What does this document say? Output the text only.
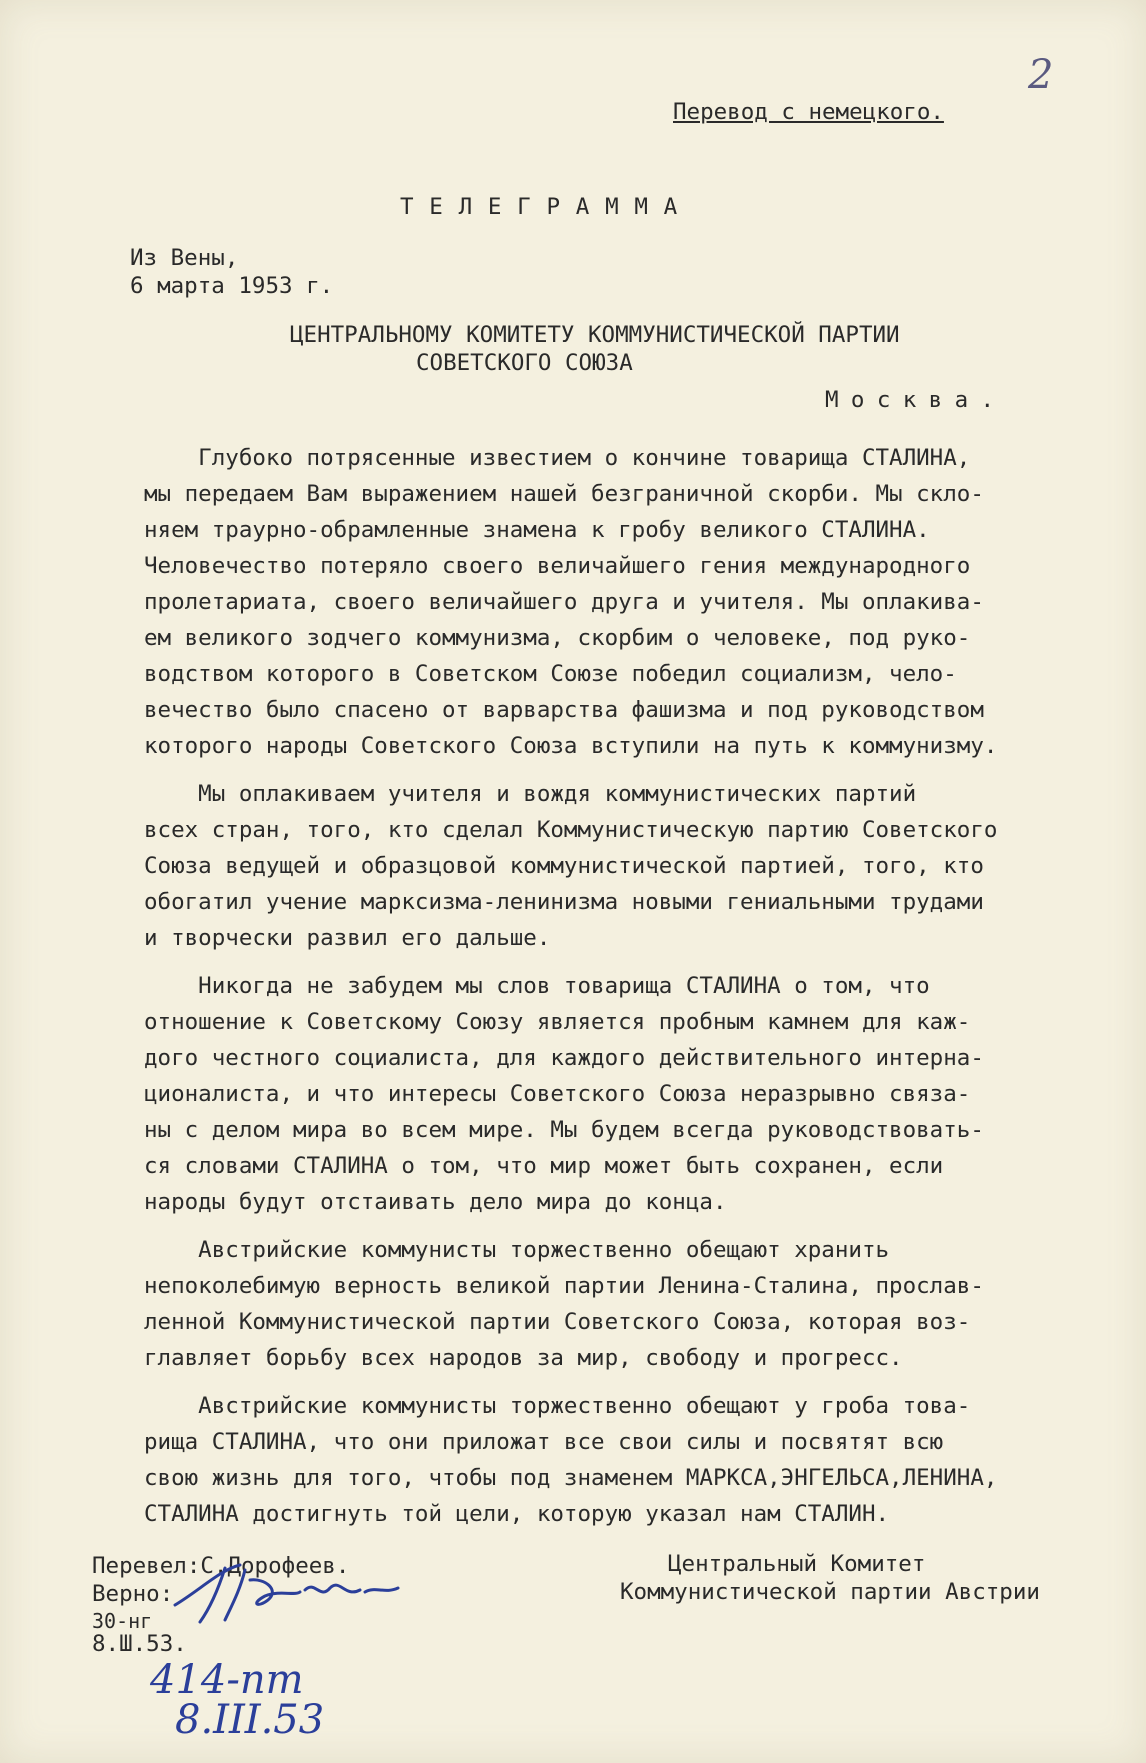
2
Перевод с немецкого.
ТЕЛЕГРАММА
Из Вены,
6 марта 1953 г.
ЦЕНТРАЛЬНОМУ КОМИТЕТУ КОММУНИСТИЧЕСКОЙ ПАРТИИ
СОВЕТСКОГО СОЮЗА
Москва.
Глубоко потрясенные известием о кончине товарища СТАЛИНА,
мы передаем Вам выражением нашей безграничной скорби. Мы скло-
няем траурно-обрамленные знамена к гробу великого СТАЛИНА.
Человечество потеряло своего величайшего гения международного
пролетариата, своего величайшего друга и учителя. Мы оплакива-
ем великого зодчего коммунизма, скорбим о человеке, под руко-
водством которого в Советском Союзе победил социализм, чело-
вечество было спасено от варварства фашизма и под руководством
которого народы Советского Союза вступили на путь к коммунизму.
Мы оплакиваем учителя и вождя коммунистических партий
всех стран, того, кто сделал Коммунистическую партию Советского
Союза ведущей и образцовой коммунистической партией, того, кто
обогатил учение марксизма-ленинизма новыми гениальными трудами
и творчески развил его дальше.
Никогда не забудем мы слов товарища СТАЛИНА о том, что
отношение к Советскому Союзу является пробным камнем для каж-
дого честного социалиста, для каждого действительного интерна-
ционалиста, и что интересы Советского Союза неразрывно связа-
ны с делом мира во всем мире. Мы будем всегда руководствовать-
ся словами СТАЛИНА о том, что мир может быть сохранен, если
народы будут отстаивать дело мира до конца.
Австрийские коммунисты торжественно обещают хранить
непоколебимую верность великой партии Ленина-Сталина, прослав-
ленной Коммунистической партии Советского Союза, которая воз-
главляет борьбу всех народов за мир, свободу и прогресс.
Австрийские коммунисты торжественно обещают у гроба това-
рища СТАЛИНА, что они приложат все свои силы и посвятят всю
свою жизнь для того, чтобы под знаменем МАРКСА,ЭНГЕЛЬСА,ЛЕНИНА,
СТАЛИНА достигнуть той цели, которую указал нам СТАЛИН.
Центральный Комитет
Коммунистической партии Австрии
Перевел:С.Дорофеев.
Верно:
30-нг
8.Ш.53.
414-пт
8.III.53
